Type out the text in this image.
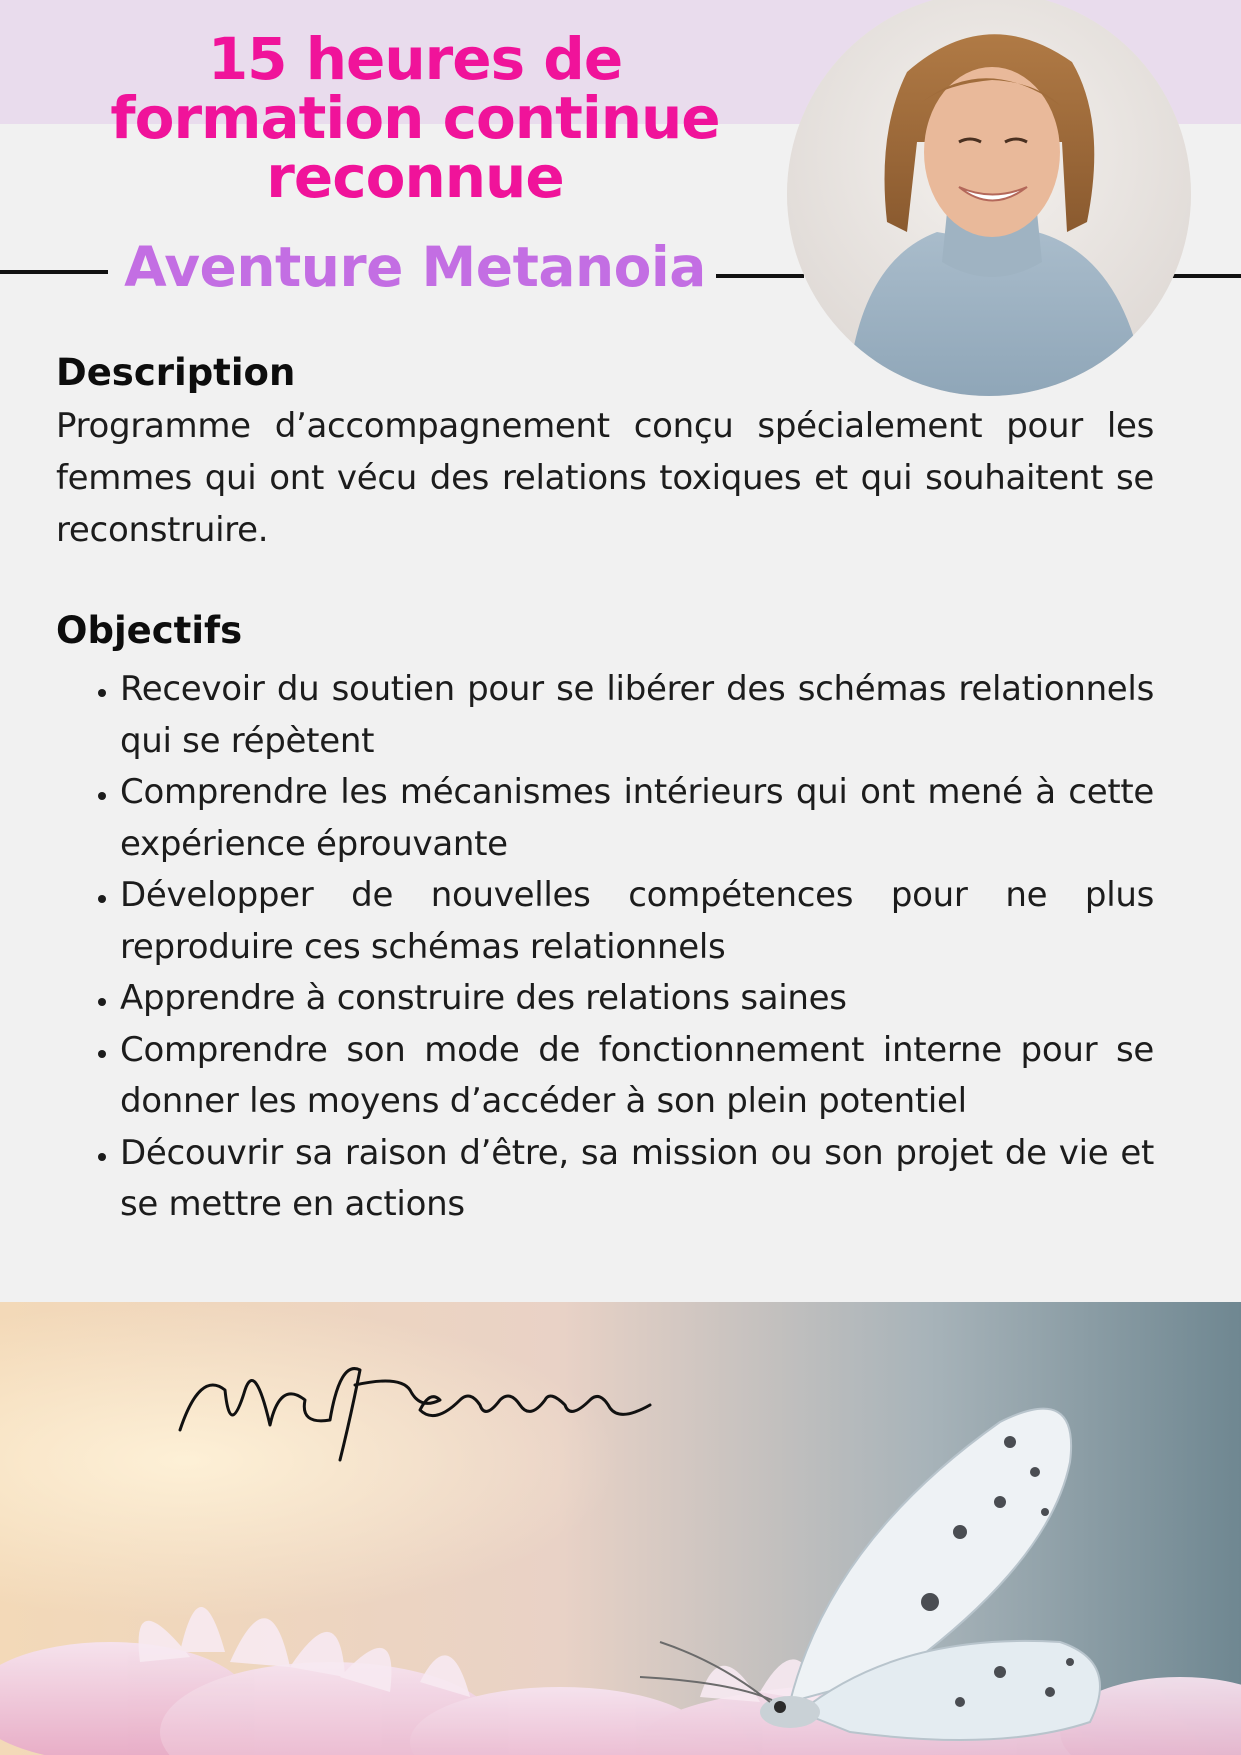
15 heures de
formation continue
reconnue
Aventure Metanoia
Description

Programme d’accompagnement conçu spécialement pour les femmes qui ont vécu des relations toxiques et qui souhaitent se reconstruire.

Objectifs
• Recevoir du soutien pour se libérer des schémas relationnels qui se répètent
• Comprendre les mécanismes intérieurs qui ont mené à cette expérience éprouvante
• Développer de nouvelles compétences pour ne plus reproduire ces schémas relationnels
• Apprendre à construire des relations saines
• Comprendre son mode de fonctionnement interne pour se donner les moyens d’accéder à son plein potentiel
• Découvrir sa raison d’être, sa mission ou son projet de vie et se mettre en actions
